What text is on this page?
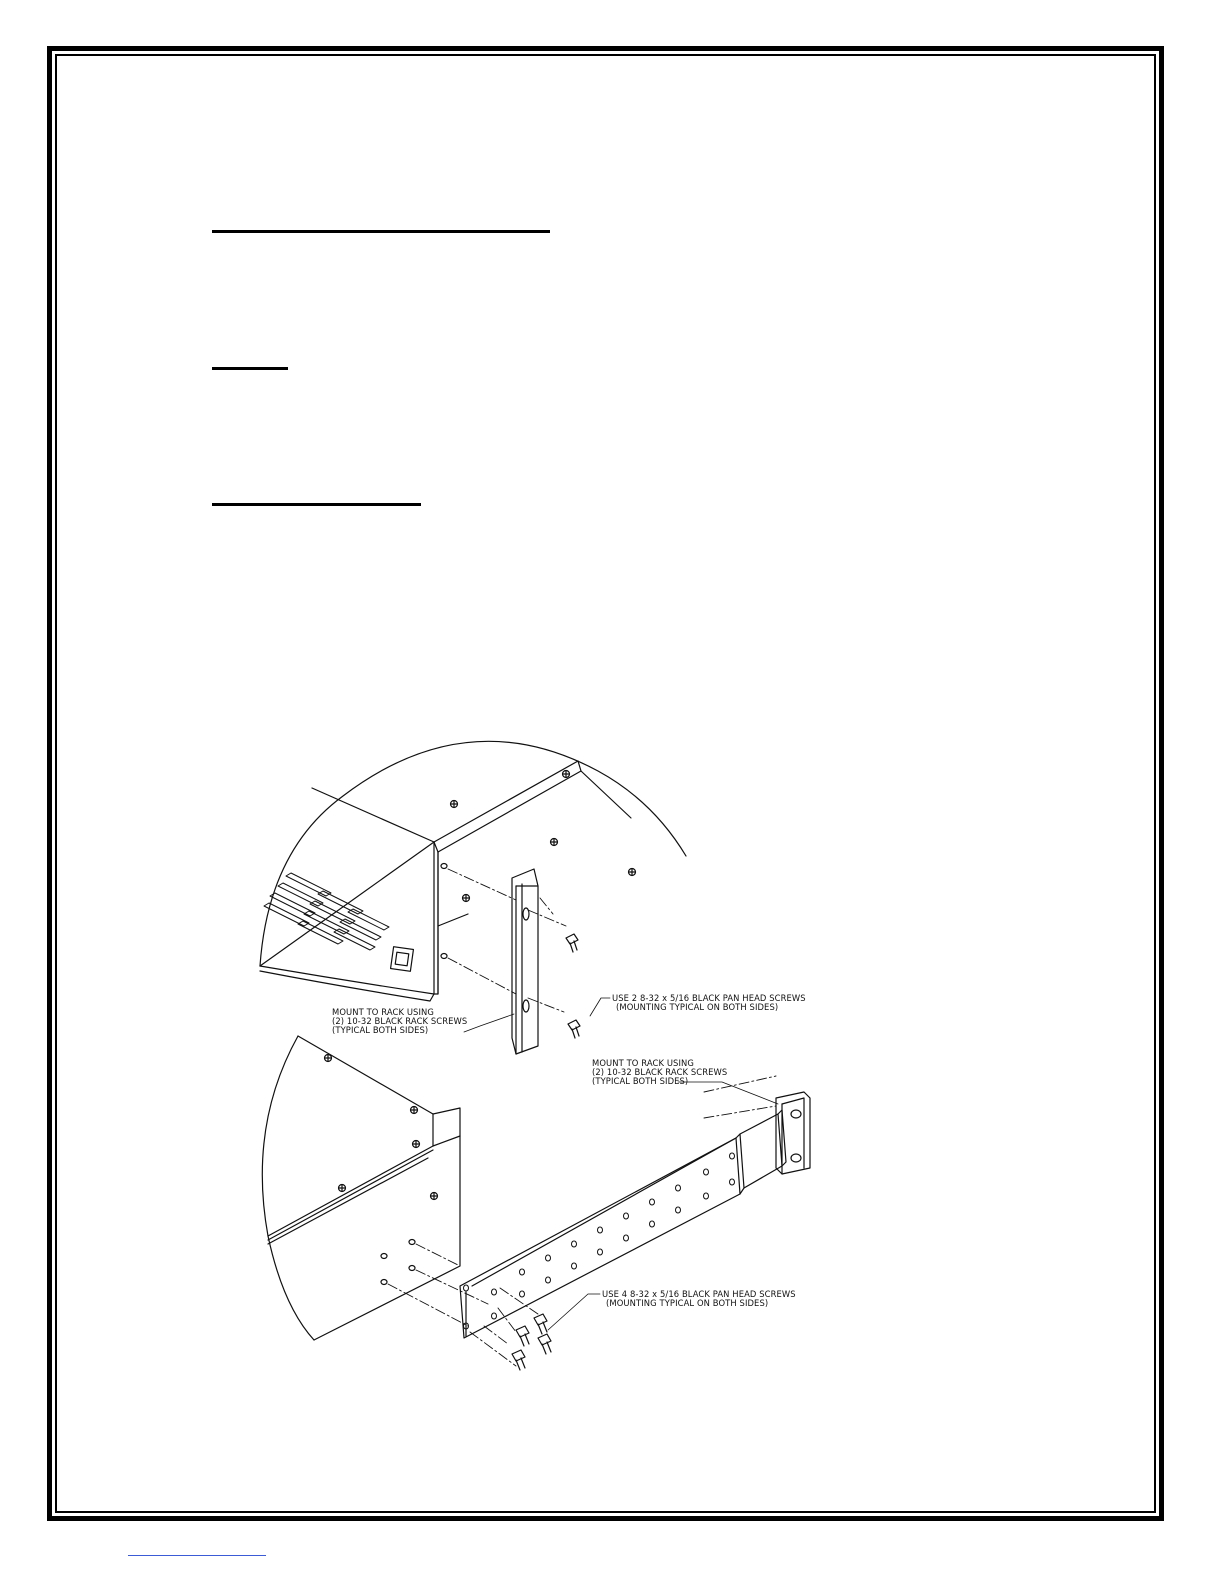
MOUNT TO RACK USING
(2) 10-32 BLACK RACK SCREWS
(TYPICAL BOTH SIDES)
USE 2 8-32 x 5/16 BLACK PAN HEAD SCREWS
(MOUNTING TYPICAL ON BOTH SIDES)
MOUNT TO RACK USING
(2) 10-32 BLACK RACK SCREWS
(TYPICAL BOTH SIDES)
USE 4 8-32 x 5/16 BLACK PAN HEAD SCREWS
(MOUNTING TYPICAL ON BOTH SIDES)
